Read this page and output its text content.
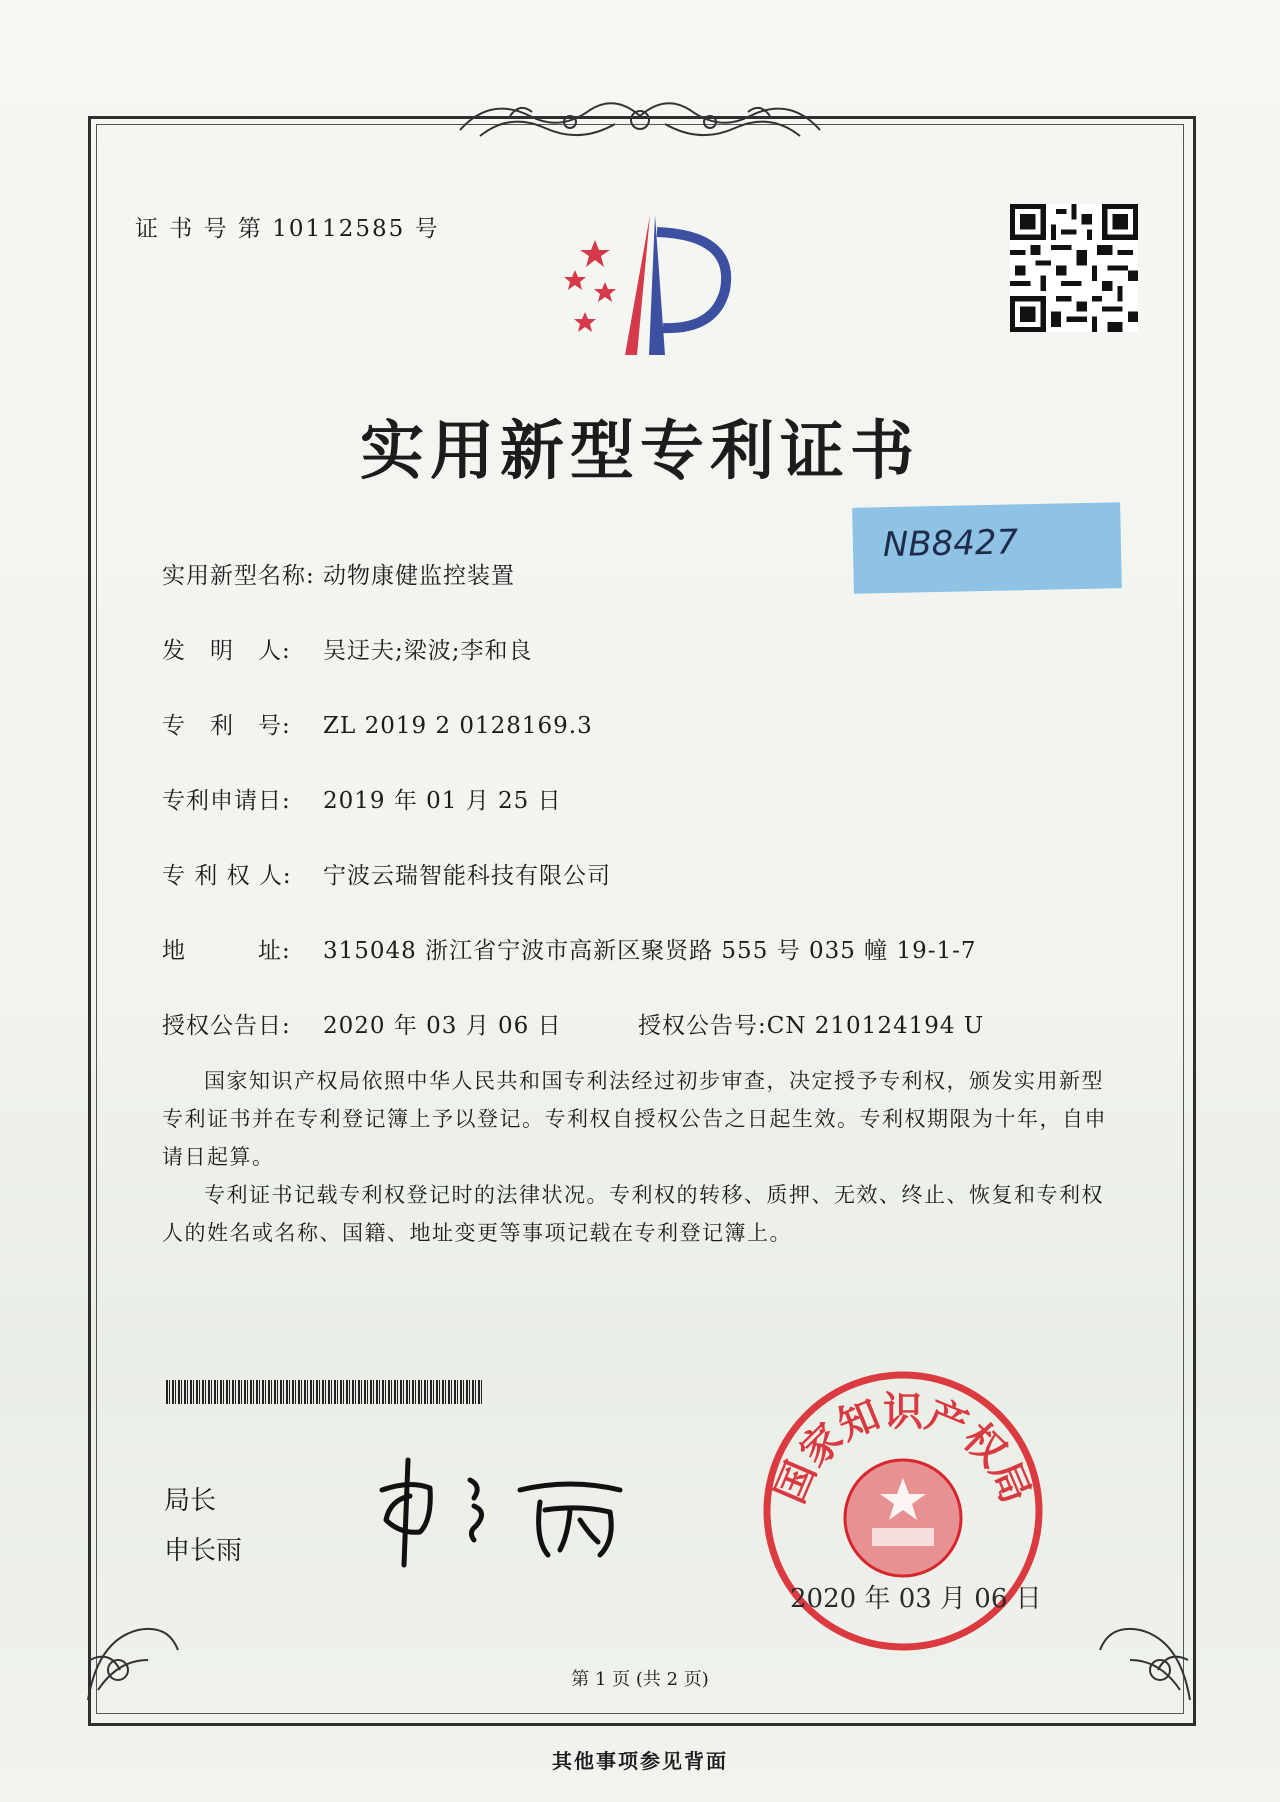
证 书 号 第 10112585 号
实用新型专利证书
NB8427
实用新型名称: 动物康健监控装置
发　明　人: 吴迂夫;梁波;李和良
专　利　号: ZL 2019 2 0128169.3
专利申请日: 2019 年 01 月 25 日
专 利 权 人: 宁波云瑞智能科技有限公司
地　　　址: 315048 浙江省宁波市高新区聚贤路 555 号 035 幢 19-1-7
授权公告日: 2020 年 03 月 06 日	授权公告号:CN 210124194 U
国家知识产权局依照中华人民共和国专利法经过初步审查，决定授予专利权，颁发实用新型专利证书并在专利登记簿上予以登记。专利权自授权公告之日起生效。专利权期限为十年，自申请日起算。
专利证书记载专利权登记时的法律状况。专利权的转移、质押、无效、终止、恢复和专利权人的姓名或名称、国籍、地址变更等事项记载在专利登记簿上。
局长
申长雨
国家知识产权局
2020 年 03 月 06 日
第 1 页 (共 2 页)
其他事项参见背面
